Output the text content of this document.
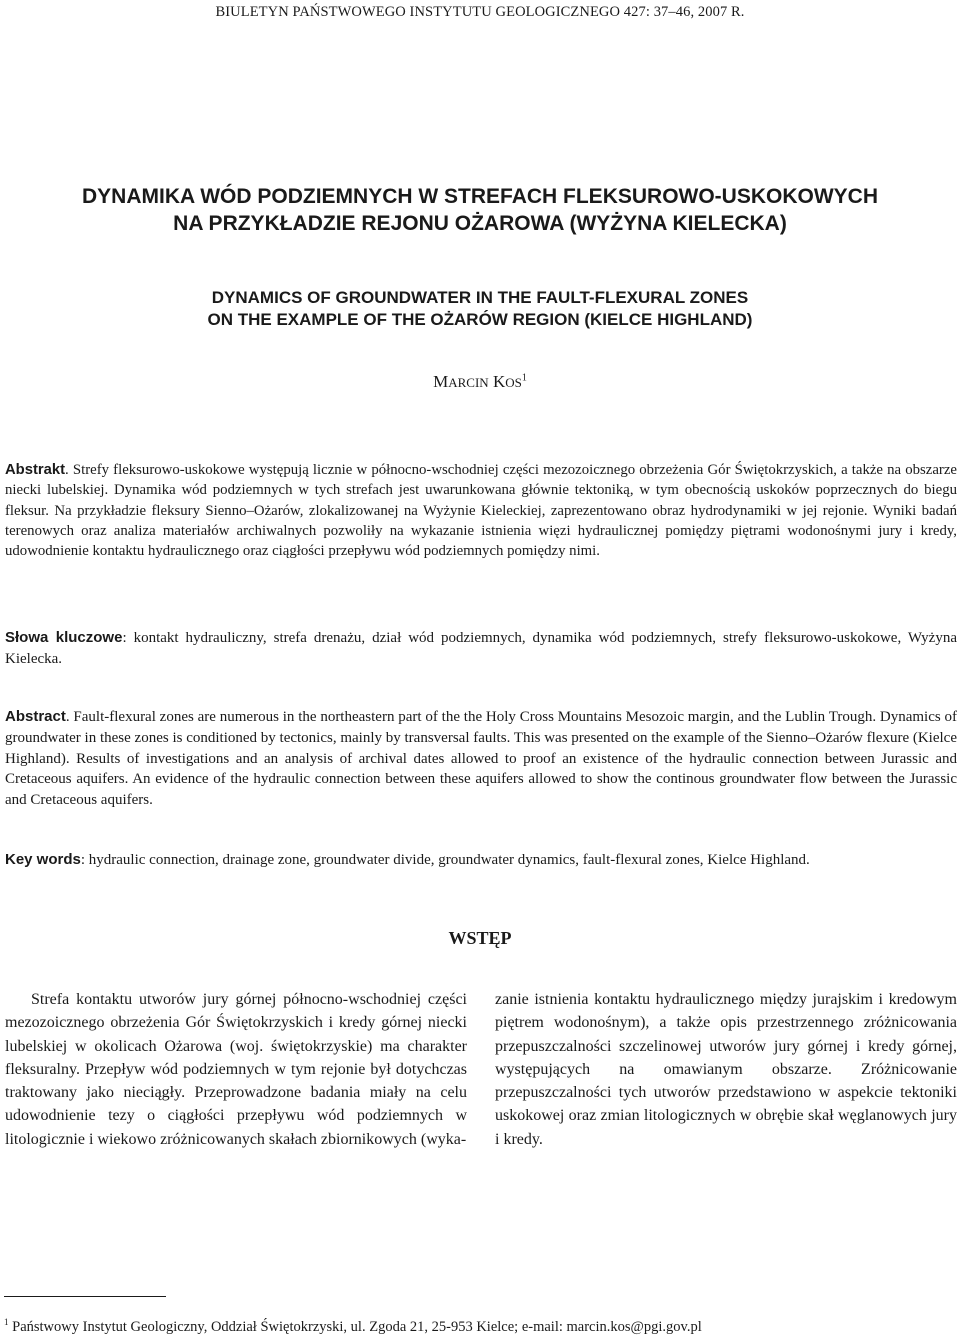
BIULETYN PAŃSTWOWEGO INSTYTUTU GEOLOGICZNEGO 427: 37–46, 2007 R.
DYNAMIKA WÓD PODZIEMNYCH W STREFACH FLEKSUROWO-USKOKOWYCH
NA PRZYKŁADZIE REJONU OŻAROWA (WYŻYNA KIELECKA)
DYNAMICS OF GROUNDWATER IN THE FAULT-FLEXURAL ZONES
ON THE EXAMPLE OF THE OŻARÓW REGION (KIELCE HIGHLAND)
MARCIN KOS$^1$
Abstrakt. Strefy fleksurowo-uskokowe występują licznie w północno-wschodniej części mezozoicznego obrzeżenia Gór Świętokrzyskich, a także na obszarze niecki lubelskiej. Dynamika wód podziemnych w tych strefach jest uwarunkowana głównie tektoniką, w tym obecnością uskoków poprzecznych do biegu fleksur. Na przykładzie fleksury Sienno–Ożarów, zlokalizowanej na Wyżynie Kieleckiej, zaprezentowano obraz hydrodynamiki w jej rejonie. Wyniki badań terenowych oraz analiza materiałów archiwalnych pozwoliły na wykazanie istnienia więzi hydraulicznej pomiędzy piętrami wodonośnymi jury i kredy, udowodnienie kontaktu hydraulicznego oraz ciągłości przepływu wód podziemnych pomiędzy nimi.
Słowa kluczowe: kontakt hydrauliczny, strefa drenażu, dział wód podziemnych, dynamika wód podziemnych, strefy fleksurowo-uskokowe, Wyżyna Kielecka.
Abstract. Fault-flexural zones are numerous in the northeastern part of the the Holy Cross Mountains Mesozoic margin, and the Lublin Trough. Dynamics of groundwater in these zones is conditioned by tectonics, mainly by transversal faults. This was presented on the example of the Sienno–Ożarów flexure (Kielce Highland). Results of investigations and an analysis of archival dates allowed to proof an existence of the hydraulic connection between Jurassic and Cretaceous aquifers. An evidence of the hydraulic connection between these aquifers allowed to show the continous groundwater flow between the Jurassic and Cretaceous aquifers.
Key words: hydraulic connection, drainage zone, groundwater divide, groundwater dynamics, fault-flexural zones, Kielce Highland.
WSTĘP
Strefa kontaktu utworów jury górnej północno-wschodniej części mezozoicznego obrzeżenia Gór Świętokrzyskich i kredy górnej niecki lubelskiej w okolicach Ożarowa (woj. świętokrzyskie) ma charakter fleksuralny. Przepływ wód podziemnych w tym rejonie był dotychczas traktowany jako nieciągły. Przeprowadzone badania miały na celu udowodnienie tezy o ciągłości przepływu wód podziemnych w litologicznie i wiekowo zróżnicowanych skałach zbiornikowych (wyka-
zanie istnienia kontaktu hydraulicznego między jurajskim i kredowym piętrem wodonośnym), a także opis przestrzennego zróżnicowania przepuszczalności szczelinowej utworów jury górnej i kredy górnej, występujących na omawianym obszarze. Zróżnicowanie przepuszczalności tych utworów przedstawiono w aspekcie tektoniki uskokowej oraz zmian litologicznych w obrębie skał węglanowych jury i kredy.
$^1$ Państwowy Instytut Geologiczny, Oddział Świętokrzyski, ul. Zgoda 21, 25-953 Kielce; e-mail: marcin.kos@pgi.gov.pl
